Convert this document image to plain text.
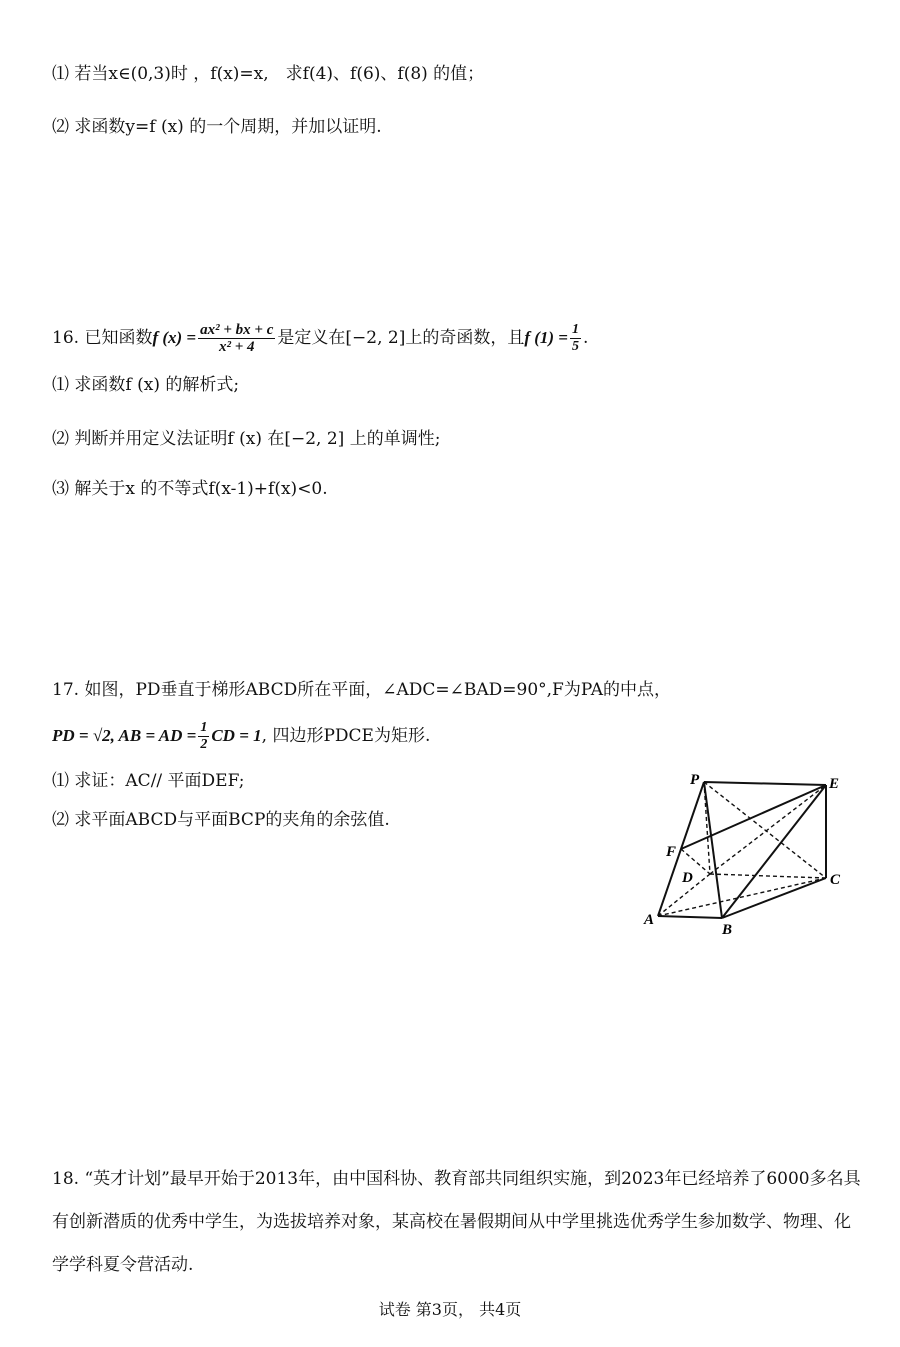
⑴ 若当x∈(0,3)时 ，f(x)=x,　求f(4)、f(6)、f(8) 的值；
⑵ 求函数y=f (x) 的一个周期，并加以证明.
16. 已知函数f $(x) = \frac{\text{ax² + bx + c}}{\text{x² + 4}}$ 是定义在[−2, 2]上的奇函数，且f $(1) = \frac{1}{5}$ .
⑴ 求函数f (x) 的解析式;
⑵ 判断并用定义法证明f (x) 在[−2, 2] 上的单调性;
⑶ 解关于x 的不等式f(x-1)+f(x)<0.
17. 如图，PD垂直于梯形ABCD所在平面，∠ADC=∠BAD=90°,F为PA的中点，
PD = √2, AB = AD = $\frac{1}{2}$ CD = 1, 四边形PDCE为矩形.
⑴ 求证：AC// 平面DEF;
⑵ 求平面ABCD与平面BCP的夹角的余弦值.
P	E
F
D	C
A
B
18. “英才计划”最早开始于2013年，由中国科协、教育部共同组织实施，到2023年已经培养了6000多名具有创新潜质的优秀中学生，为选拔培养对象，某高校在暑假期间从中学里挑选优秀学生参加数学、物理、化学学科夏令营活动.
试卷 第3页， 共4页
